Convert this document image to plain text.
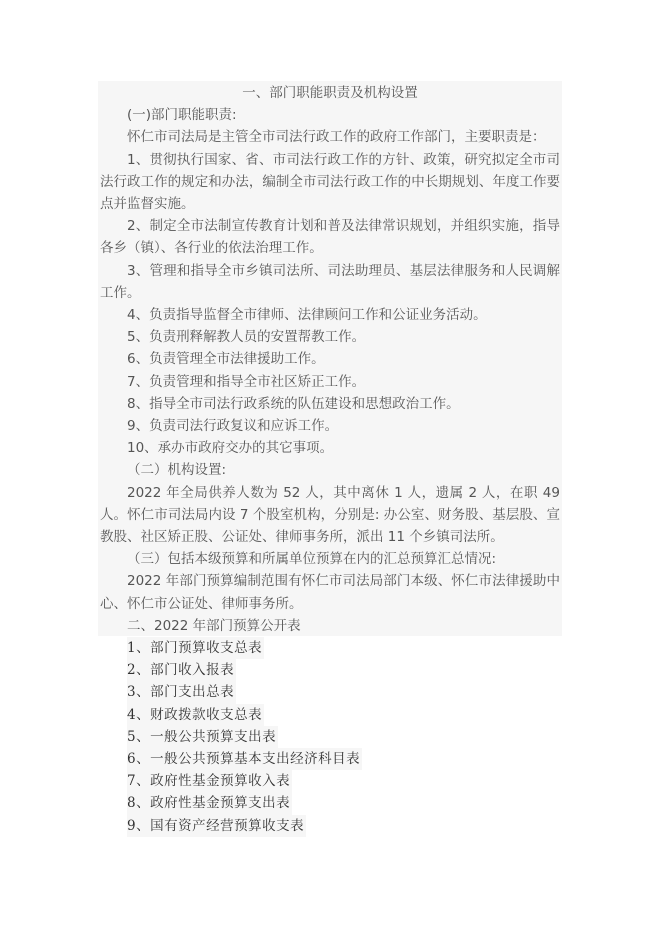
一、部门职能职责及机构设置

(一)部门职能职责:

怀仁市司法局是主管全市司法行政工作的政府工作部门，主要职责是：

1、贯彻执行国家、省、市司法行政工作的方针、政策，研究拟定全市司法行政工作的规定和办法，编制全市司法行政工作的中长期规划、年度工作要点并监督实施。

2、制定全市法制宣传教育计划和普及法律常识规划，并组织实施，指导各乡（镇）、各行业的依法治理工作。

3、管理和指导全市乡镇司法所、司法助理员、基层法律服务和人民调解工作。

4、负责指导监督全市律师、法律顾问工作和公证业务活动。

5、负责刑释解教人员的安置帮教工作。

6、负责管理全市法律援助工作。

7、负责管理和指导全市社区矫正工作。

8、指导全市司法行政系统的队伍建设和思想政治工作。

9、负责司法行政复议和应诉工作。

10、承办市政府交办的其它事项。

（二）机构设置:

2022 年全局供养人数为 52 人，其中离休 1 人，遗属 2 人，在职 49 人。怀仁市司法局内设 7 个股室机构，分别是: 办公室、财务股、基层股、宣教股、社区矫正股、公证处、律师事务所，派出 11 个乡镇司法所。

（三）包括本级预算和所属单位预算在内的汇总预算汇总情况:

2022 年部门预算编制范围有怀仁市司法局部门本级、怀仁市法律援助中心、怀仁市公证处、律师事务所。

二、2022 年部门预算公开表

1、部门预算收支总表
2、部门收入报表
3、部门支出总表
4、财政拨款收支总表
5、一般公共预算支出表
6、一般公共预算基本支出经济科目表
7、政府性基金预算收入表
8、政府性基金预算支出表
9、国有资产经营预算收支表
